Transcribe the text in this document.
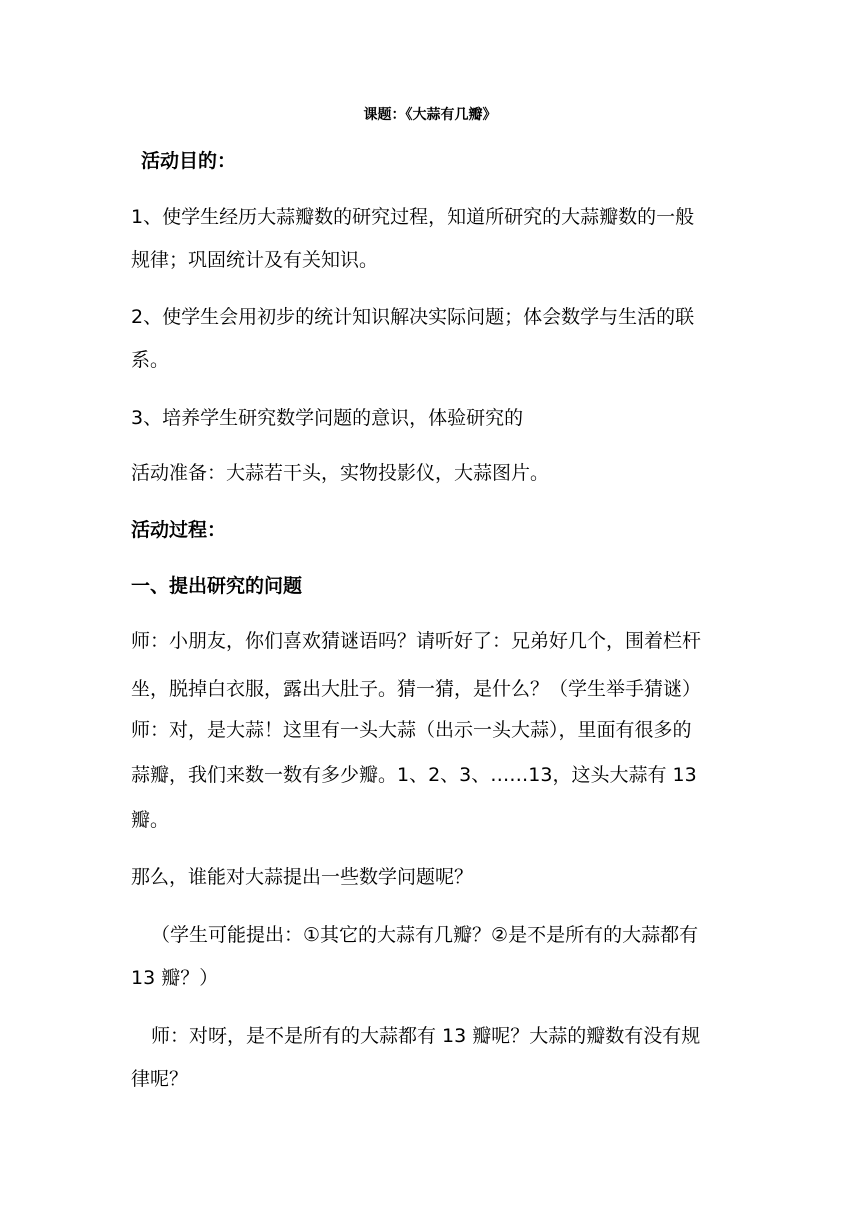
课题：《大蒜有几瓣》
活动目的：
1、使学生经历大蒜瓣数的研究过程，知道所研究的大蒜瓣数的一般
规律；巩固统计及有关知识。
2、使学生会用初步的统计知识解决实际问题；体会数学与生活的联
系。
3、培养学生研究数学问题的意识，体验研究的
活动准备：大蒜若干头，实物投影仪，大蒜图片。
活动过程：
一、提出研究的问题
师：小朋友，你们喜欢猜谜语吗？请听好了：兄弟好几个，围着栏杆
坐，脱掉白衣服，露出大肚子。猜一猜，是什么？（学生举手猜谜）
师：对，是大蒜！这里有一头大蒜（出示一头大蒜），里面有很多的
蒜瓣，我们来数一数有多少瓣。1、2、3、……13，这头大蒜有 13
瓣。
那么，谁能对大蒜提出一些数学问题呢？
（学生可能提出：①其它的大蒜有几瓣？②是不是所有的大蒜都有
13 瓣？）
师：对呀，是不是所有的大蒜都有 13 瓣呢？大蒜的瓣数有没有规
律呢？
